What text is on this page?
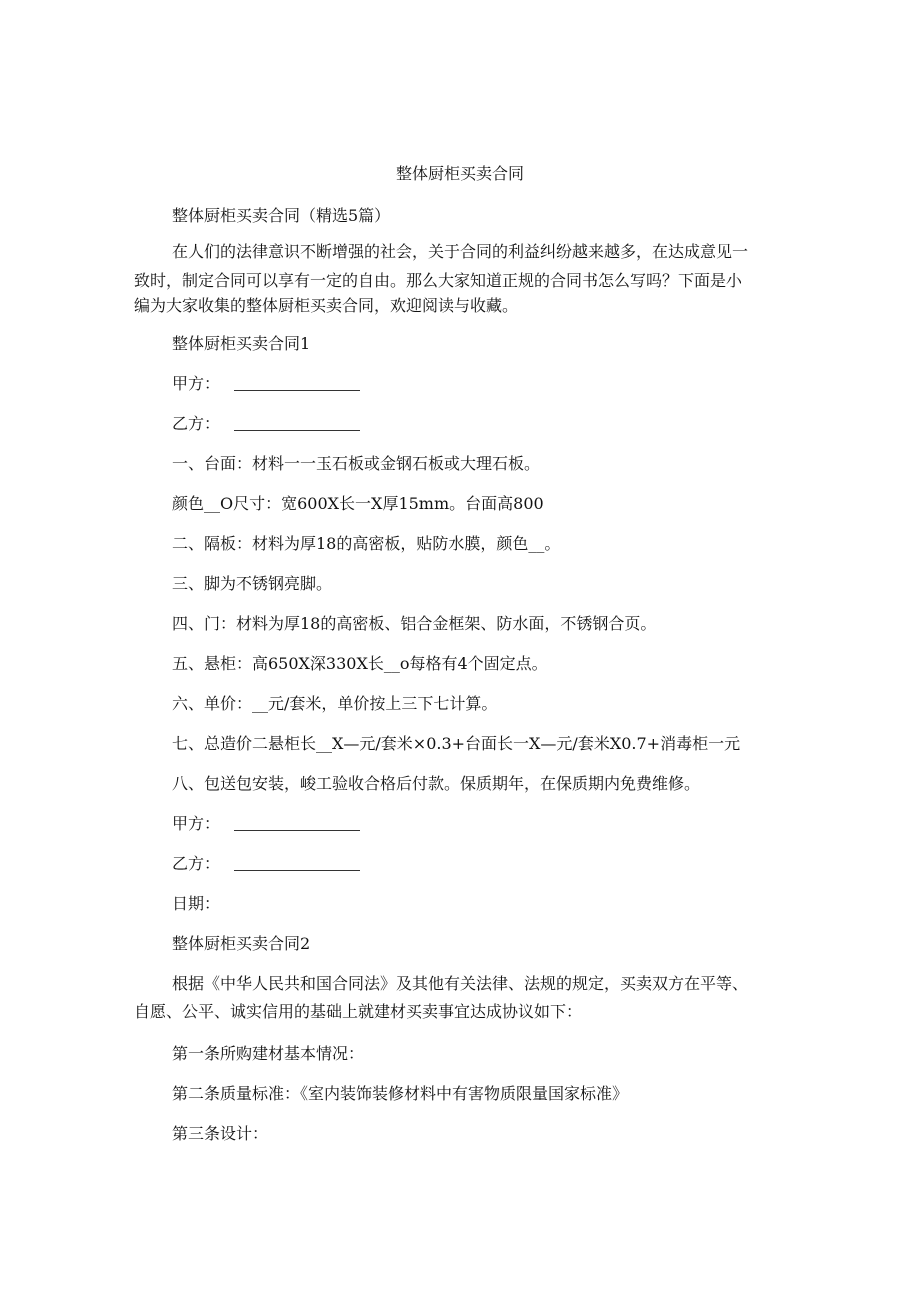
整体厨柜买卖合同
整体厨柜买卖合同（精选5篇）
在人们的法律意识不断增强的社会，关于合同的利益纠纷越来越多，在达成意见一
致时，制定合同可以享有一定的自由。那么大家知道正规的合同书怎么写吗？下面是小
编为大家收集的整体厨柜买卖合同，欢迎阅读与收藏。
整体厨柜买卖合同1
甲方：
乙方：
一、台面：材料一一玉石板或金钢石板或大理石板。
颜色__O尺寸：宽600X长一X厚15mm。台面高800
二、隔板：材料为厚18的高密板，贴防水膜，颜色__。
三、脚为不锈钢亮脚。
四、门：材料为厚18的高密板、铝合金框架、防水面，不锈钢合页。
五、悬柜：高650X深330X长__o每格有4个固定点。
六、单价：__元/套米，单价按上三下七计算。
七、总造价二悬柜长__X—元/套米×0.3+台面长一X—元/套米X0.7+消毒柜一元
八、包送包安装，峻工验收合格后付款。保质期年，在保质期内免费维修。
甲方：
乙方：
日期：
整体厨柜买卖合同2
根据《中华人民共和国合同法》及其他有关法律、法规的规定，买卖双方在平等、
自愿、公平、诚实信用的基础上就建材买卖事宜达成协议如下：
第一条所购建材基本情况：
第二条质量标准：《室内装饰装修材料中有害物质限量国家标准》
第三条设计：
